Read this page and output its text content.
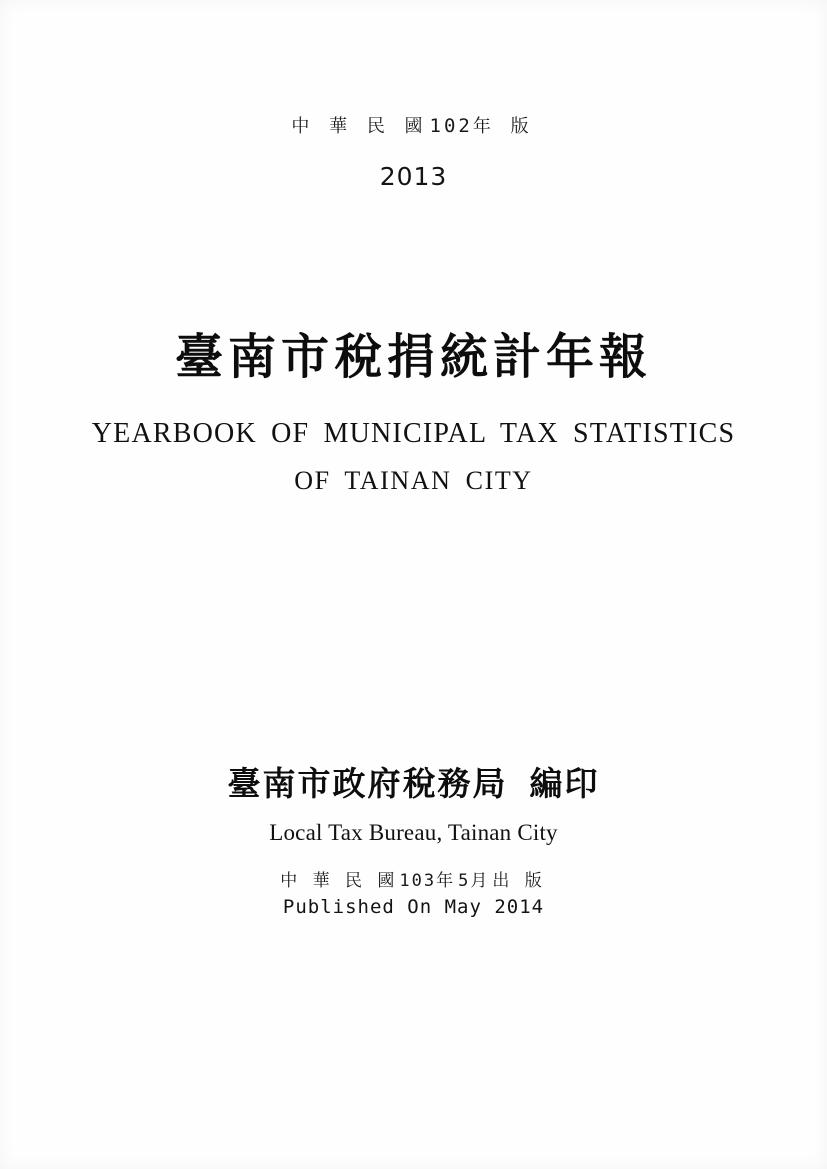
中 華 民 國102年 版
2013
臺南市稅捐統計年報
YEARBOOK OF MUNICIPAL TAX STATISTICS
OF TAINAN CITY
臺南市政府稅務局 編印
Local Tax Bureau, Tainan City
中 華 民 國103年5月出 版
Published On May 2014
